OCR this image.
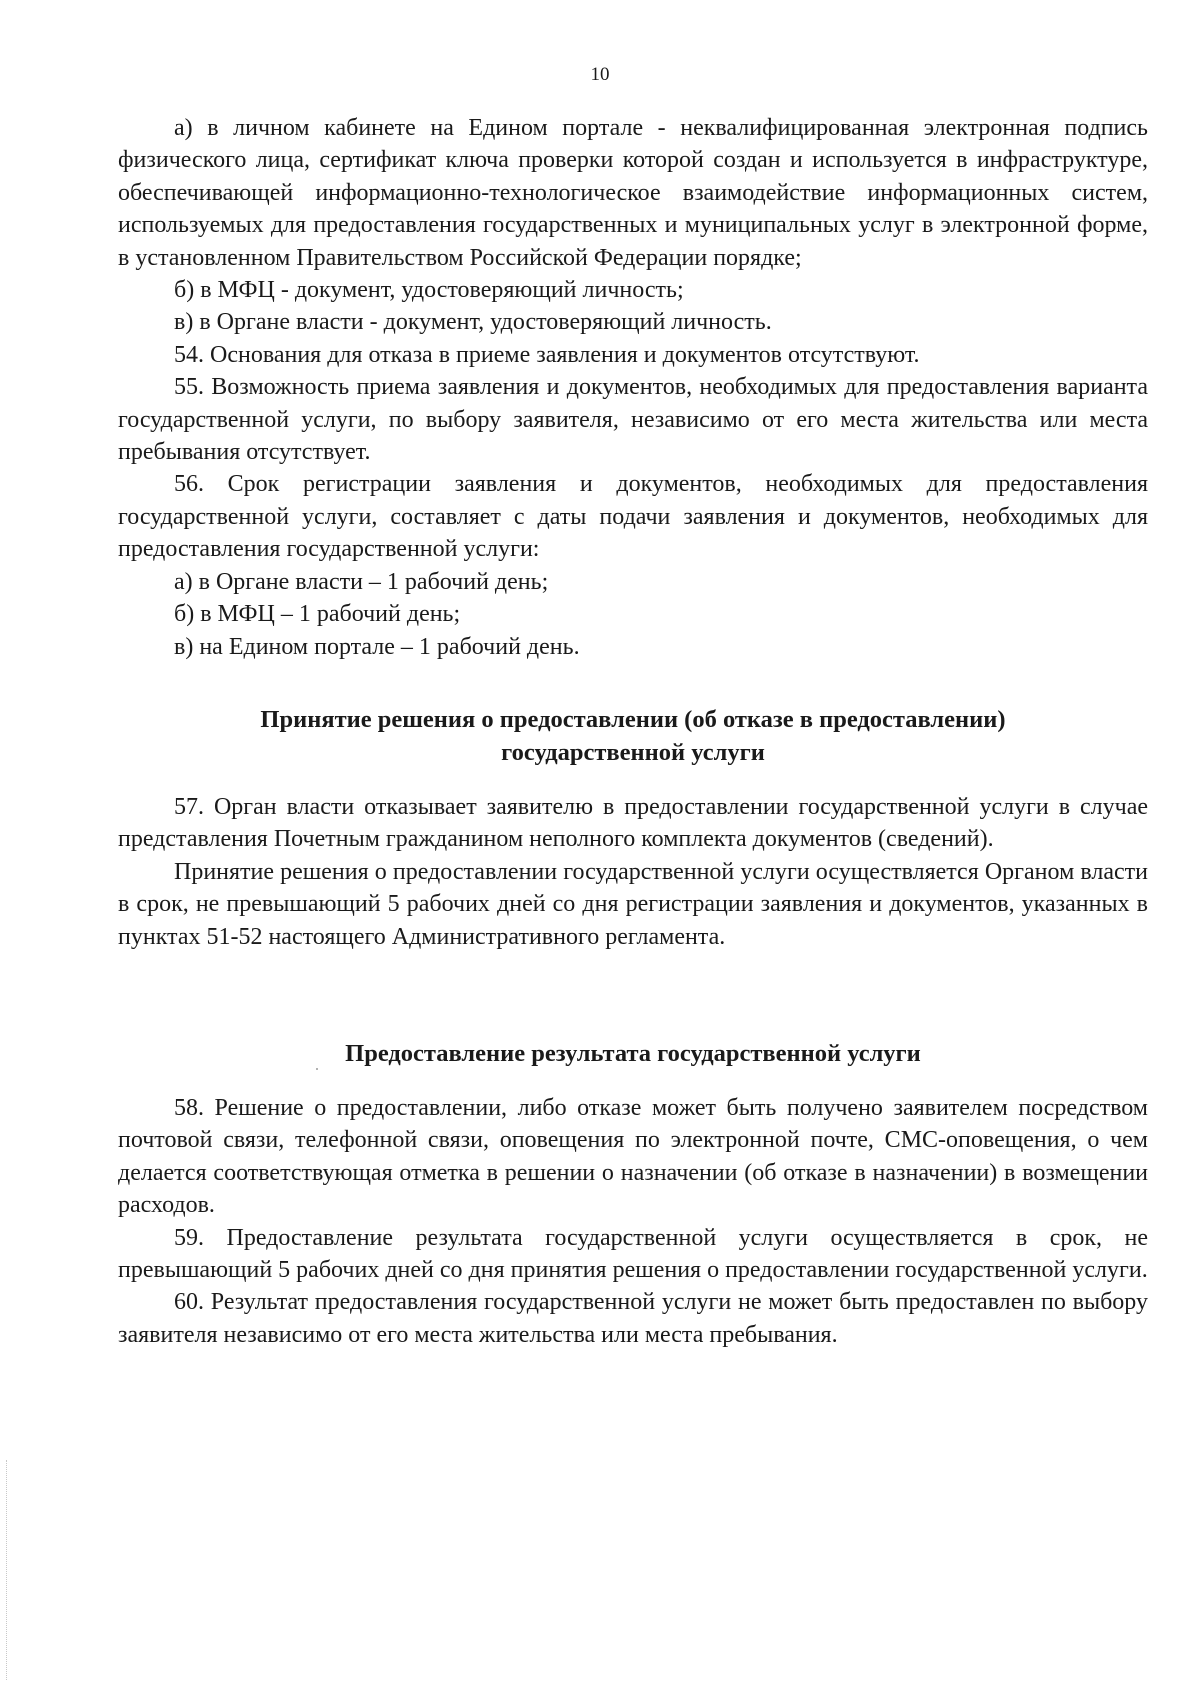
10

а) в личном кабинете на Едином портале - неквалифицированная электронная подпись физического лица, сертификат ключа проверки которой создан и используется в инфраструктуре, обеспечивающей информационно-технологическое взаимодействие информационных систем, используемых для предоставления государственных и муниципальных услуг в электронной форме, в установленном Правительством Российской Федерации порядке;

б) в МФЦ - документ, удостоверяющий личность;

в) в Органе власти - документ, удостоверяющий личность.

54. Основания для отказа в приеме заявления и документов отсутствуют.

55. Возможность приема заявления и документов, необходимых для предоставления варианта государственной услуги, по выбору заявителя, независимо от его места жительства или места пребывания отсутствует.

56. Срок регистрации заявления и документов, необходимых для предоставления государственной услуги, составляет с даты подачи заявления и документов, необходимых для предоставления государственной услуги:

а) в Органе власти – 1 рабочий день;

б) в МФЦ – 1 рабочий день;

в) на Едином портале – 1 рабочий день.

Принятие решения о предоставлении (об отказе в предоставлении)
государственной услуги

57. Орган власти отказывает заявителю в предоставлении государственной услуги в случае представления Почетным гражданином неполного комплекта документов (сведений).

Принятие решения о предоставлении государственной услуги осуществляется Органом власти в срок, не превышающий 5 рабочих дней со дня регистрации заявления и документов, указанных в пунктах 51-52 настоящего Административного регламента.

Предоставление результата государственной услуги

58. Решение о предоставлении, либо отказе может быть получено заявителем посредством почтовой связи, телефонной связи, оповещения по электронной почте, СМС-оповещения, о чем делается соответствующая отметка в решении о назначении (об отказе в назначении) в возмещении расходов.

59. Предоставление результата государственной услуги осуществляется в срок, не превышающий 5 рабочих дней со дня принятия решения о предоставлении государственной услуги.

60. Результат предоставления государственной услуги не может быть предоставлен по выбору заявителя независимо от его места жительства или места пребывания.
